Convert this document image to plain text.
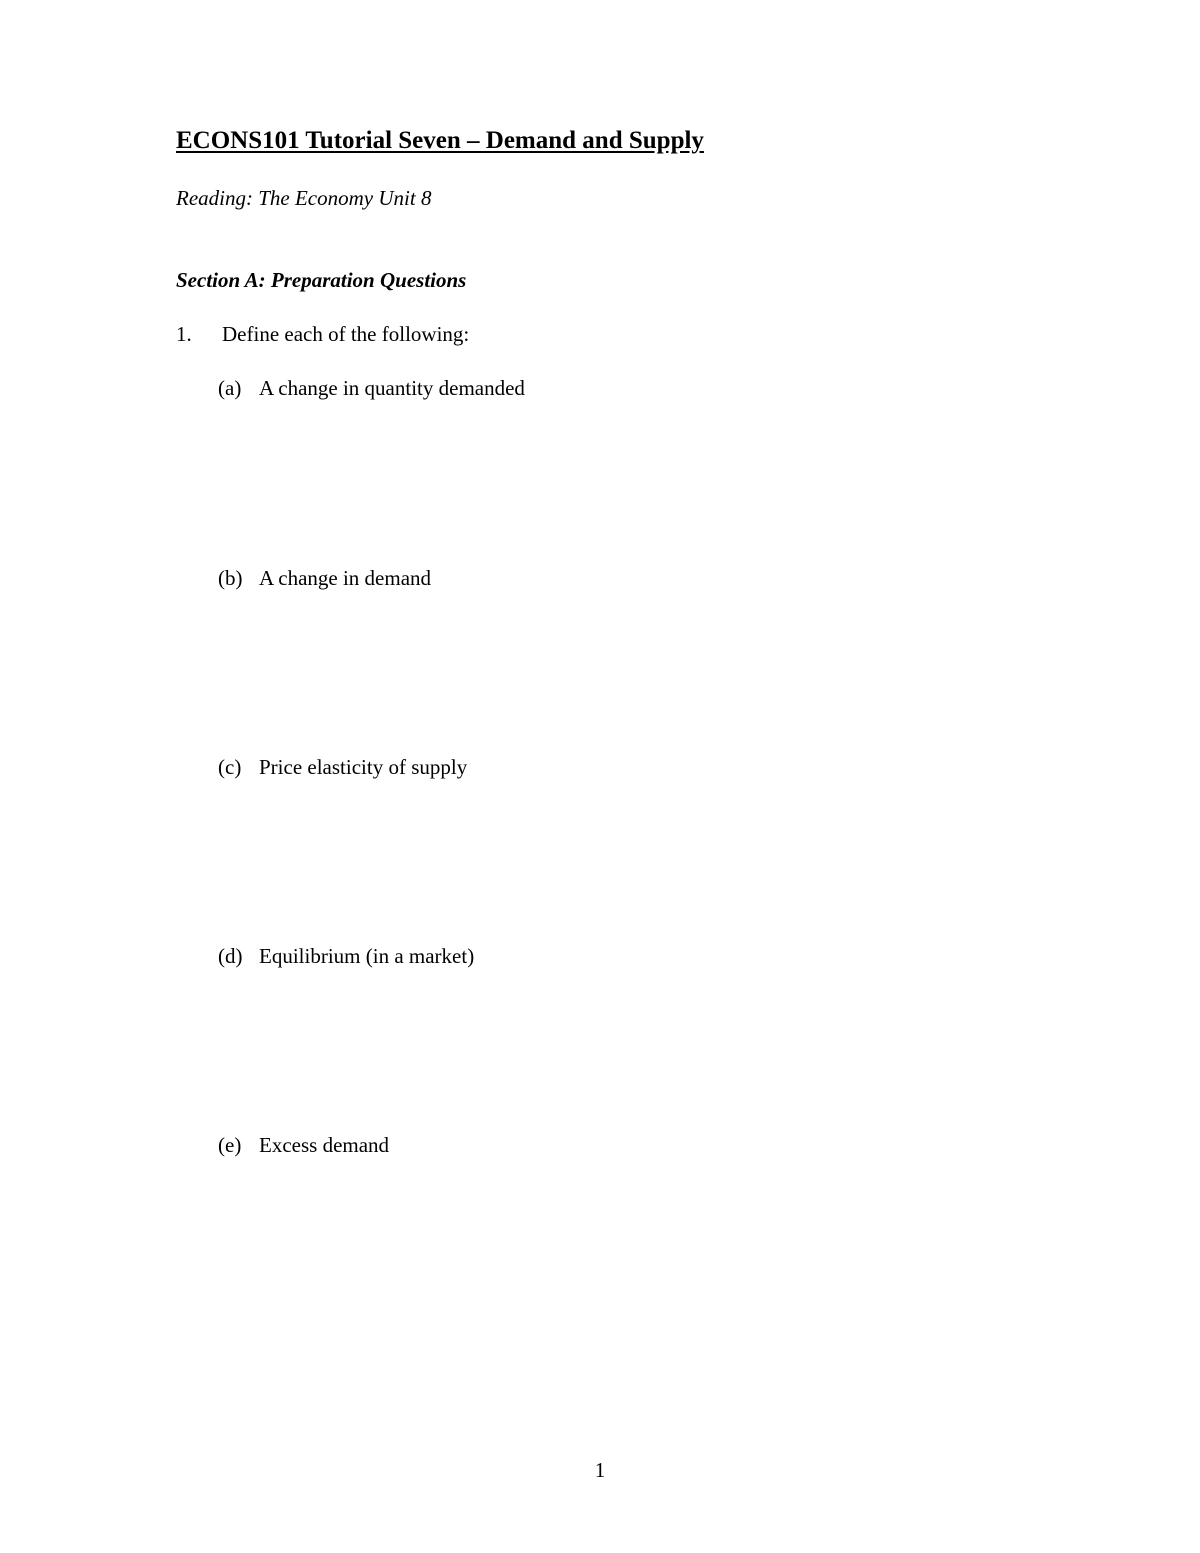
ECONS101 Tutorial Seven – Demand and Supply
Reading: The Economy Unit 8
Section A: Preparation Questions
1. Define each of the following:
(a) A change in quantity demanded
(b) A change in demand
(c) Price elasticity of supply
(d) Equilibrium (in a market)
(e) Excess demand
1
